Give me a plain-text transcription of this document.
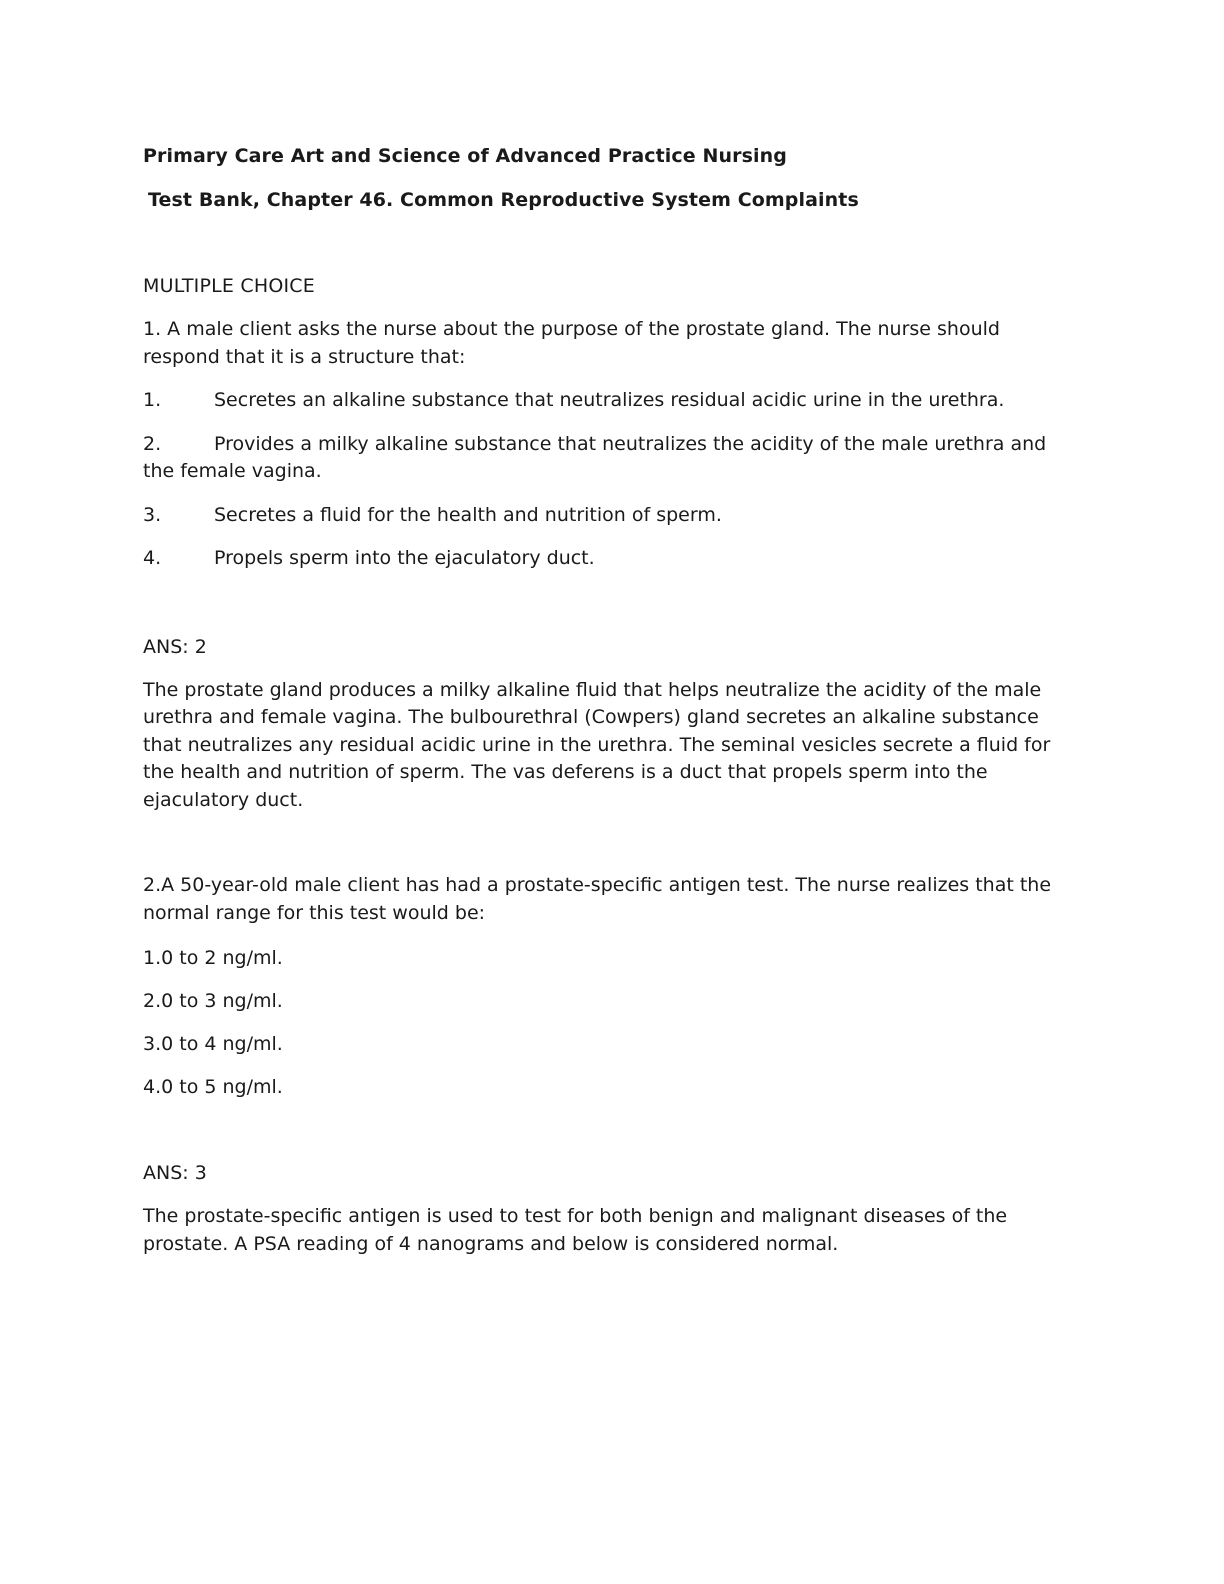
Primary Care Art and Science of Advanced Practice Nursing
Test Bank, Chapter 46. Common Reproductive System Complaints
MULTIPLE CHOICE
1. A male client asks the nurse about the purpose of the prostate gland. The nurse should respond that it is a structure that:
1.	Secretes an alkaline substance that neutralizes residual acidic urine in the urethra.
2.	Provides a milky alkaline substance that neutralizes the acidity of the male urethra and the female vagina.
3.	Secretes a fluid for the health and nutrition of sperm.
4.	Propels sperm into the ejaculatory duct.
ANS: 2
The prostate gland produces a milky alkaline fluid that helps neutralize the acidity of the male urethra and female vagina. The bulbourethral (Cowpers) gland secretes an alkaline substance that neutralizes any residual acidic urine in the urethra. The seminal vesicles secrete a fluid for the health and nutrition of sperm. The vas deferens is a duct that propels sperm into the ejaculatory duct.
2.A 50-year-old male client has had a prostate-specific antigen test. The nurse realizes that the normal range for this test would be:
1.0 to 2 ng/ml.
2.0 to 3 ng/ml.
3.0 to 4 ng/ml.
4.0 to 5 ng/ml.
ANS: 3
The prostate-specific antigen is used to test for both benign and malignant diseases of the prostate. A PSA reading of 4 nanograms and below is considered normal.
